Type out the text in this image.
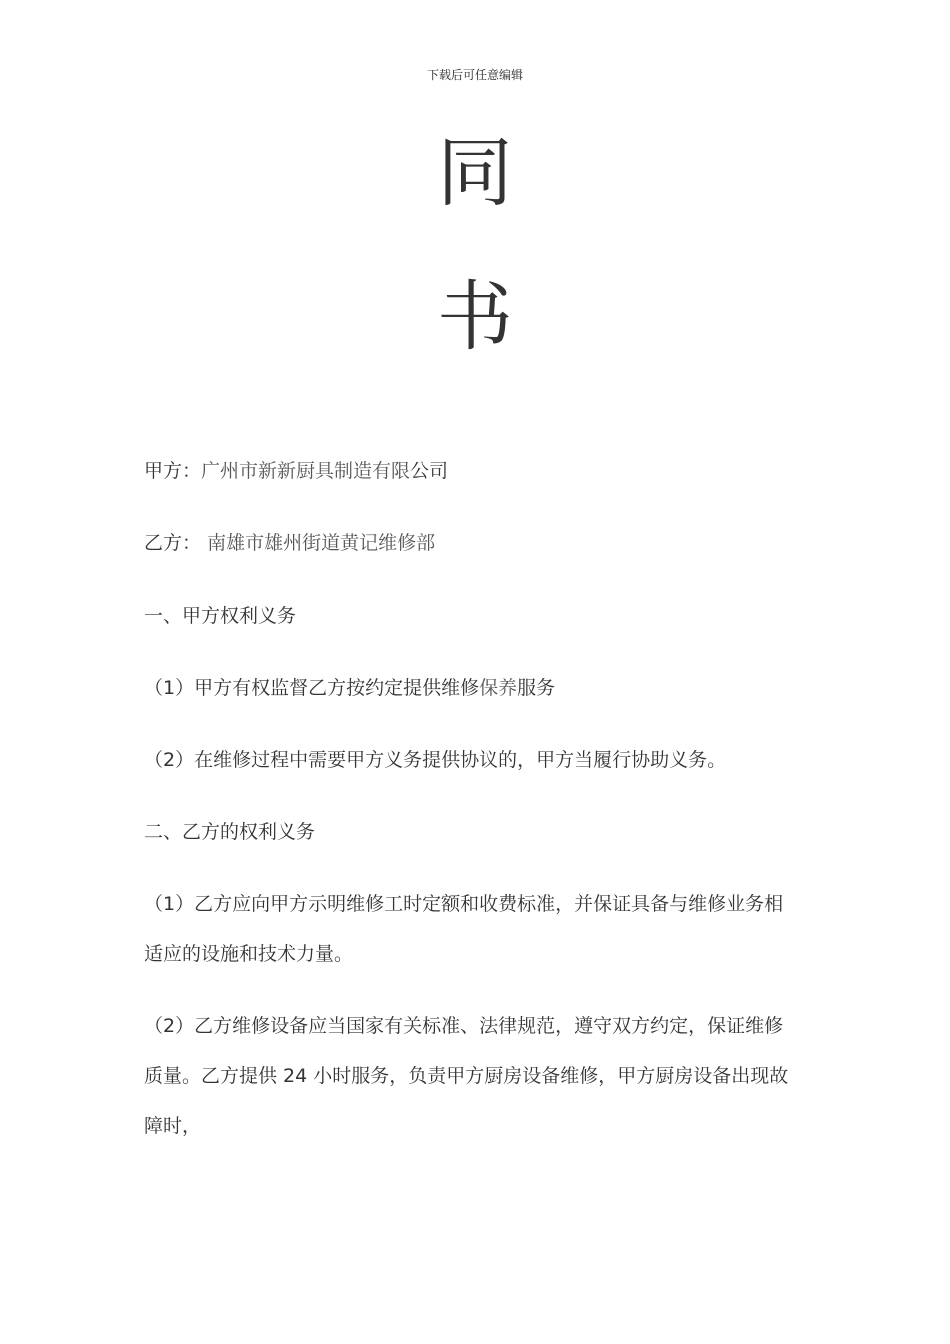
下载后可任意编辑
同
书
甲方：广州市新新厨具制造有限公司
乙方： 南雄市雄州街道黄记维修部
一、甲方权利义务
（1）甲方有权监督乙方按约定提供维修保养服务
（2）在维修过程中需要甲方义务提供协议的，甲方当履行协助义务。
二、乙方的权利义务
（1）乙方应向甲方示明维修工时定额和收费标准，并保证具备与维修业务相
适应的设施和技术力量。
（2）乙方维修设备应当国家有关标准、法律规范，遵守双方约定，保证维修
质量。乙方提供 24 小时服务，负责甲方厨房设备维修，甲方厨房设备出现故
障时，
